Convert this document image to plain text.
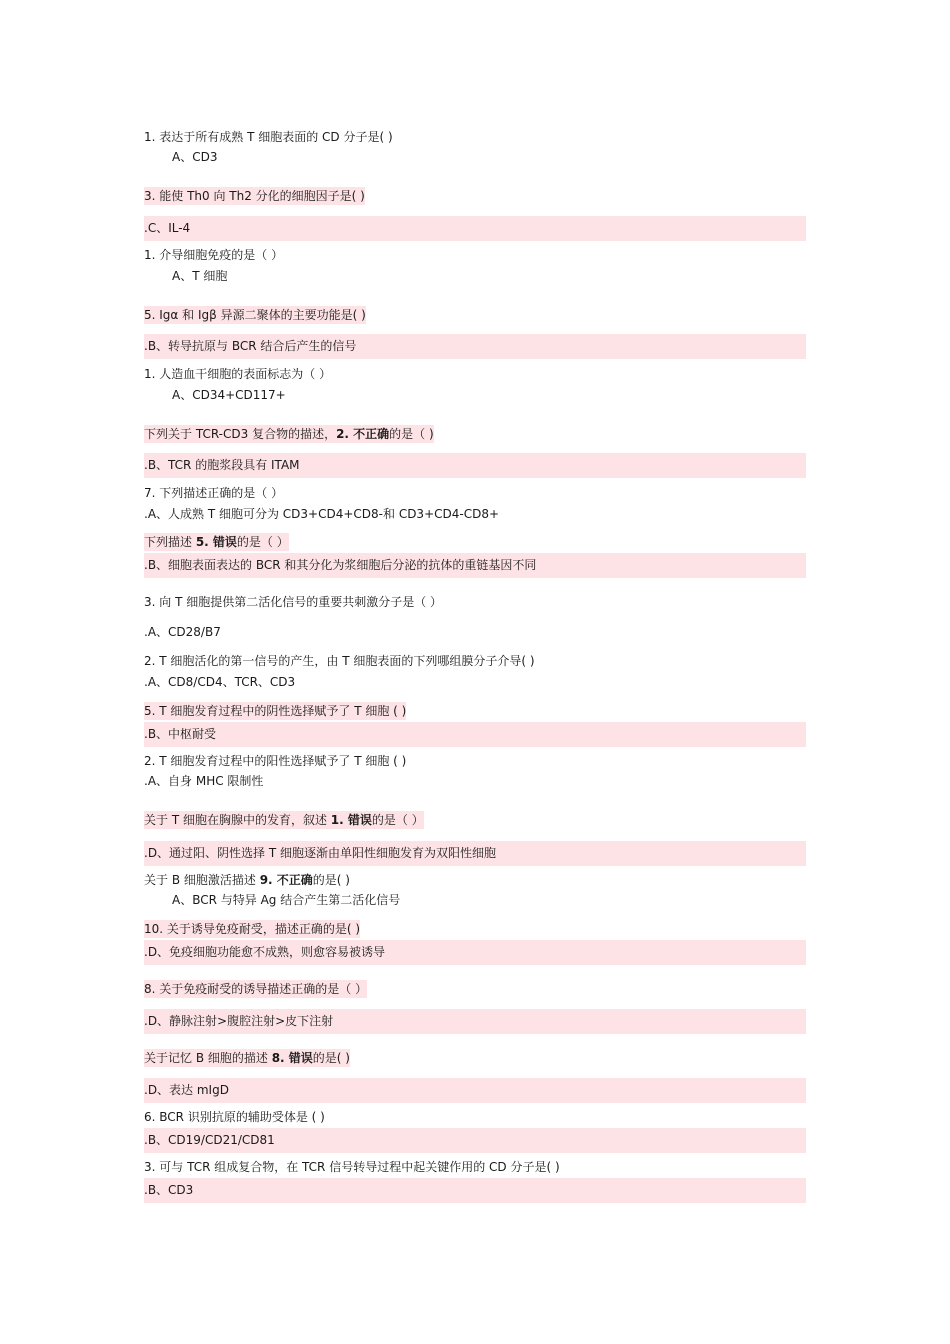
1. 表达于所有成熟 T 细胞表面的 CD 分子是( )
A、CD3
3. 能使 Th0 向 Th2 分化的细胞因子是( )
.C、IL-4
1. 介导细胞免疫的是（ ）
A、T 细胞
5. Igα 和 Igβ 异源二聚体的主要功能是( )
.B、转导抗原与 BCR 结合后产生的信号
1. 人造血干细胞的表面标志为（ ）
A、CD34+CD117+
下列关于 TCR-CD3 复合物的描述，2. 不正确的是（ )
.B、TCR 的胞浆段具有 ITAM
7. 下列描述正确的是（ ）
.A、人成熟 T 细胞可分为 CD3+CD4+CD8-和 CD3+CD4-CD8+
下列描述 5. 错误的是（ ）
.B、细胞表面表达的 BCR 和其分化为浆细胞后分泌的抗体的重链基因不同
3. 向 T 细胞提供第二活化信号的重要共刺激分子是（ ）
.A、CD28/B7
2. T 细胞活化的第一信号的产生，由 T 细胞表面的下列哪组膜分子介导( )
.A、CD8/CD4、TCR、CD3
5. T 细胞发育过程中的阴性选择赋予了 T 细胞 ( )
.B、中枢耐受
2. T 细胞发育过程中的阳性选择赋予了 T 细胞 ( )
.A、自身 MHC 限制性
关于 T 细胞在胸腺中的发育，叙述 1. 错误的是（ ）
.D、通过阳、阴性选择 T 细胞逐渐由单阳性细胞发育为双阳性细胞
关于 B 细胞激活描述 9. 不正确的是( )
A、BCR 与特异 Ag 结合产生第二活化信号
10. 关于诱导免疫耐受，描述正确的是( )
.D、免疫细胞功能愈不成熟，则愈容易被诱导
8. 关于免疫耐受的诱导描述正确的是（ ）
.D、静脉注射>腹腔注射>皮下注射
关于记忆 B 细胞的描述 8. 错误的是( )
.D、表达 mIgD
6. BCR 识别抗原的辅助受体是 ( )
.B、CD19/CD21/CD81
3. 可与 TCR 组成复合物，在 TCR 信号转导过程中起关键作用的 CD 分子是( )
.B、CD3
